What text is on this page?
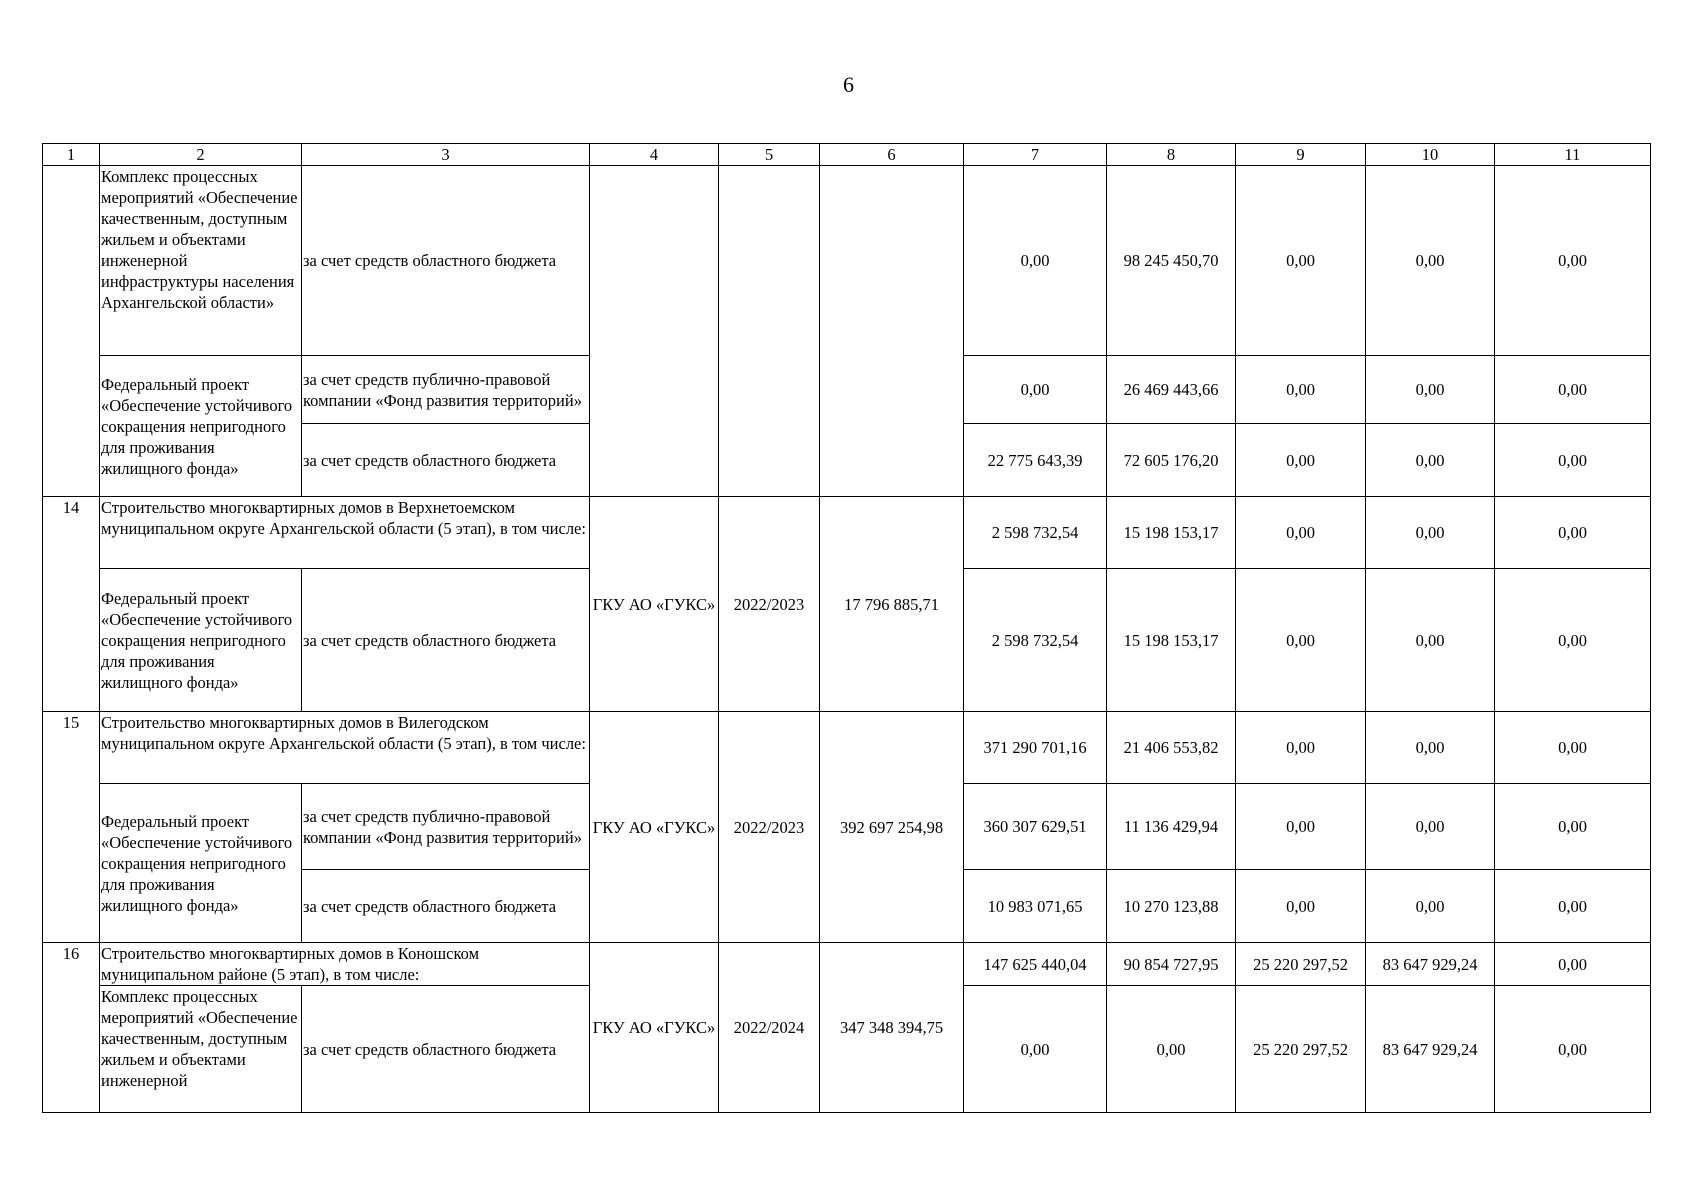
6
1	2	3	4	5	6	7	8	9	10	11
	Комплекс процессных мероприятий «Обеспечение качественным, доступным жильем и объектами инженерной инфраструктуры населения Архангельской области»	за счет средств областного бюджета				0,00	98 245 450,70	0,00	0,00	0,00
	Федеральный проект «Обеспечение устойчивого сокращения непригодного для проживания жилищного фонда»	за счет средств публично-правовой компании «Фонд развития территорий»				0,00	26 469 443,66	0,00	0,00	0,00
		за счет средств областного бюджета				22 775 643,39	72 605 176,20	0,00	0,00	0,00
14	Строительство многоквартирных домов в Верхнетоемском муниципальном округе Архангельской области (5 этап), в том числе:		ГКУ АО «ГУКС»	2022/2023	17 796 885,71	2 598 732,54	15 198 153,17	0,00	0,00	0,00
	Федеральный проект «Обеспечение устойчивого сокращения непригодного для проживания жилищного фонда»	за счет средств областного бюджета				2 598 732,54	15 198 153,17	0,00	0,00	0,00
15	Строительство многоквартирных домов в Вилегодском муниципальном округе Архангельской области (5 этап), в том числе:		ГКУ АО «ГУКС»	2022/2023	392 697 254,98	371 290 701,16	21 406 553,82	0,00	0,00	0,00
	Федеральный проект «Обеспечение устойчивого сокращения непригодного для проживания жилищного фонда»	за счет средств публично-правовой компании «Фонд развития территорий»				360 307 629,51	11 136 429,94	0,00	0,00	0,00
		за счет средств областного бюджета				10 983 071,65	10 270 123,88	0,00	0,00	0,00
16	Строительство многоквартирных домов в Коношском муниципальном районе (5 этап), в том числе:		ГКУ АО «ГУКС»	2022/2024	347 348 394,75	147 625 440,04	90 854 727,95	25 220 297,52	83 647 929,24	0,00
	Комплекс процессных мероприятий «Обеспечение качественным, доступным жильем и объектами инженерной	за счет средств областного бюджета				0,00	0,00	25 220 297,52	83 647 929,24	0,00
